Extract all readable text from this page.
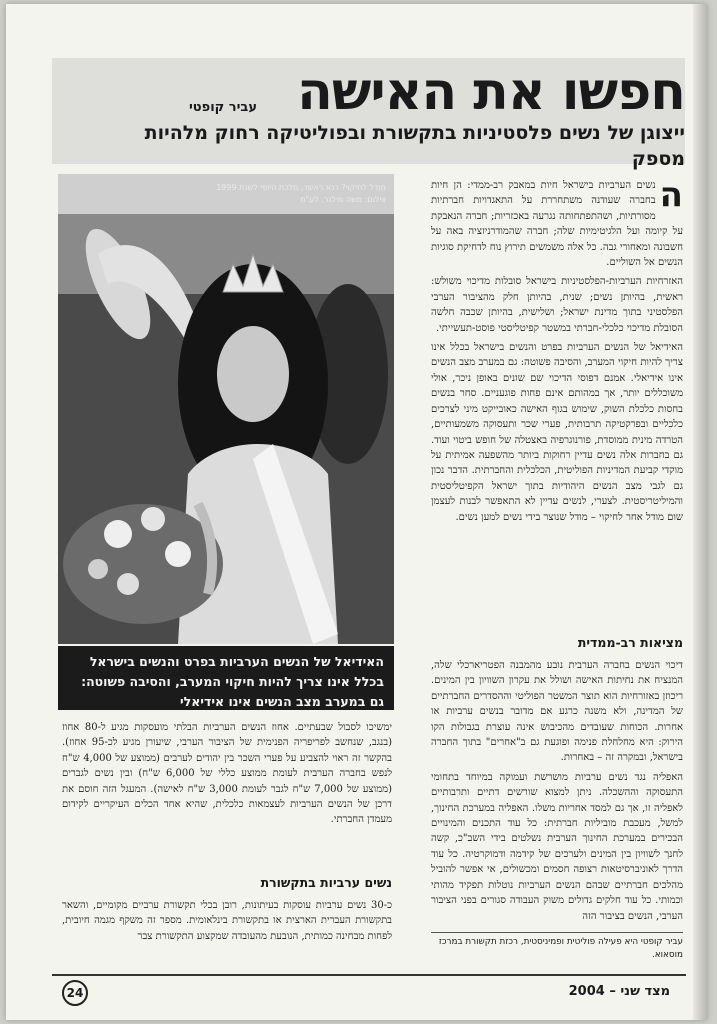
חפשו את האישה
עביר קופטי
ייצוגן של נשים פלסטיניות בתקשורת ובפוליטיקה רחוק מלהיות מספק
מודל לחיקוי? רנא ראשד, מלכת היופי לשנת 1999
צילום: משה מילנר, לע"מ
האידיאל של הנשים הערביות בפרט והנשים בישראל בכלל אינו צריך להיות חיקוי המערב, והסיבה פשוטה: גם במערב מצב הנשים אינו אידיאלי

ה
נשים הערביות בישראל חיות במאבק רב-ממדי: הן חיות בחברה שעודנה משתחררת על התאגדויות חברתיות מסורתיות, ושהתפתחותה נגרעה באכזריות; חברה הנאבקת על קיומה ועל הלגיטימיות שלה; חברה שהמודרניזציה באה על חשבונה ומאחורי גבה. כל אלה משמשים תירוץ נוח לדחיקת סוגיות הנשים אל השוליים.

האזרחיות הערביות-הפלסטיניות בישראל סובלות מדיכוי משולש: ראשית, בהיותן נשים; שנית, בהיותן חלק מהציבור הערבי הפלסטיני בתוך מדינת ישראל; ושלישית, בהיותן שכבה חלשה הסובלת מדיכוי כלכלי-חברתי במשטר קפיטליסטי פוסט-תעשייתי.

האידיאל של הנשים הערביות בפרט והנשים בישראל בכלל אינו צריך להיות חיקוי המערב, והסיבה פשוטה: גם במערב מצב הנשים אינו אידיאלי. אמנם דפוסי הדיכוי שם שונים באופן ניכר, אולי משוכללים יותר, אך במהותם אינם פחות פוגעניים. סחר בנשים בחסות כלכלת השוק, שימוש בגוף האישה כאובייקט מיני לצרכים כלכליים ובפרקטיקה תרבותית, פערי שכר ותעסוקה משמעותיים, הטרדה מינית ממוסדת, פורנוגרפיה באצטלה של חופש ביטוי ועוד. גם בחברות אלה נשים עדיין רחוקות ביותר מהשפעה אמיתית על מוקדי קביעת המדיניות הפוליטית, הכלכלית והחברתית. הדבר נכון גם לגבי מצב הנשים היהודיות בתוך ישראל הקפיטליסטית והמיליטריסטית. לצערי, לנשים עדיין לא התאפשר לבנות לעצמן שום מודל אחר לחיקוי – מודל שנוצר בידי נשים למען נשים.

מציאות רב-ממדית

דיכוי הנשים בחברה הערבית נובע מהמבנה הפטריארכלי שלה, המנציח את נחיתות האישה ושולל את עקרון השוויון בין המינים. ריכוזן באזורחיות הוא תוצר המשטר הפוליטי וההסדרים החברתיים של המדינה, ולא משנה כרגע אם מדובר בנשים ערביות או אחרות. הכוחות שעובדים מהכיבוש אינה עוצרת בגבולות הקו הירוק: היא מחלחלת פנימה ופוגעת גם ב"אחרים" בתוך החברה בישראל, ובמקרה זה – באחרות.

האפליה נגד נשים ערביות מושרשת ועמוקה במיוחד בתחומי התעסוקה וההשכלה. ניתן למצוא שורשים דתיים ותרבותיים לאפליה זו, אך גם למסד אחריות משלו. האפליה במערכת החינוך, למשל, מעכבת מוביליות חברתית: כל עוד התכנים והמינויים הבכירים במערכת החינוך הערבית נשלטים בידי השב"כ, קשה לחנך לשוויון בין המינים ולערכים של קידמה ודמוקרטיה. כל עוד הדרך לאוניברסיטאות רצופה חסמים ומכשולים, אי אפשר להוביל מהלכים חברתיים שבהם הנשים הערביות נוטלות תפקיד מהותי וכמותי. כל עוד חלקים גדולים משוק העבודה סגורים בפני הציבור הערבי, הנשים בציבור הזה

ימשיכו לסבול שבעתיים. אחוז הנשים הערביות הבלתי מועסקות מגיע ל-80 אחוז (בנגב, שנחשב לפריפריה הפנימית של הציבור הערבי, שיעורן מגיע לכ-95 אחוז). בהקשר זה ראוי להצביע על פערי השכר בין יהודים לערבים (ממוצע של 4,000 ש"ח לנפש בחברה הערבית לעומת ממוצע כללי של 6,000 ש"ח) ובין נשים לגברים (ממוצע של 7,000 ש"ח לגבר לעומת 3,000 ש"ח לאישה). המעגל הזה חוסם את דרכן של הנשים הערביות לעצמאות כלכלית, שהיא אחד הכלים העיקריים לקידום מעמדן החברתי.

נשים ערביות בתקשורת

כ-30 נשים ערביות עוסקות בעיתונות, רובן בכלי תקשורת ערביים מקומיים, והשאר בתקשורת העברית הארצית או בתקשורת בינלאומית. מספר זה משקף מגמה חיובית, לפחות מבחינה כמותית, הנובעת מהעובדה שמקצוע התקשורת צבר

עביר קופטי היא פעילה פוליטית ופמיניסטית, רכזת תקשורת במרכז מוסאוא.
24	מצד שני – 2004
